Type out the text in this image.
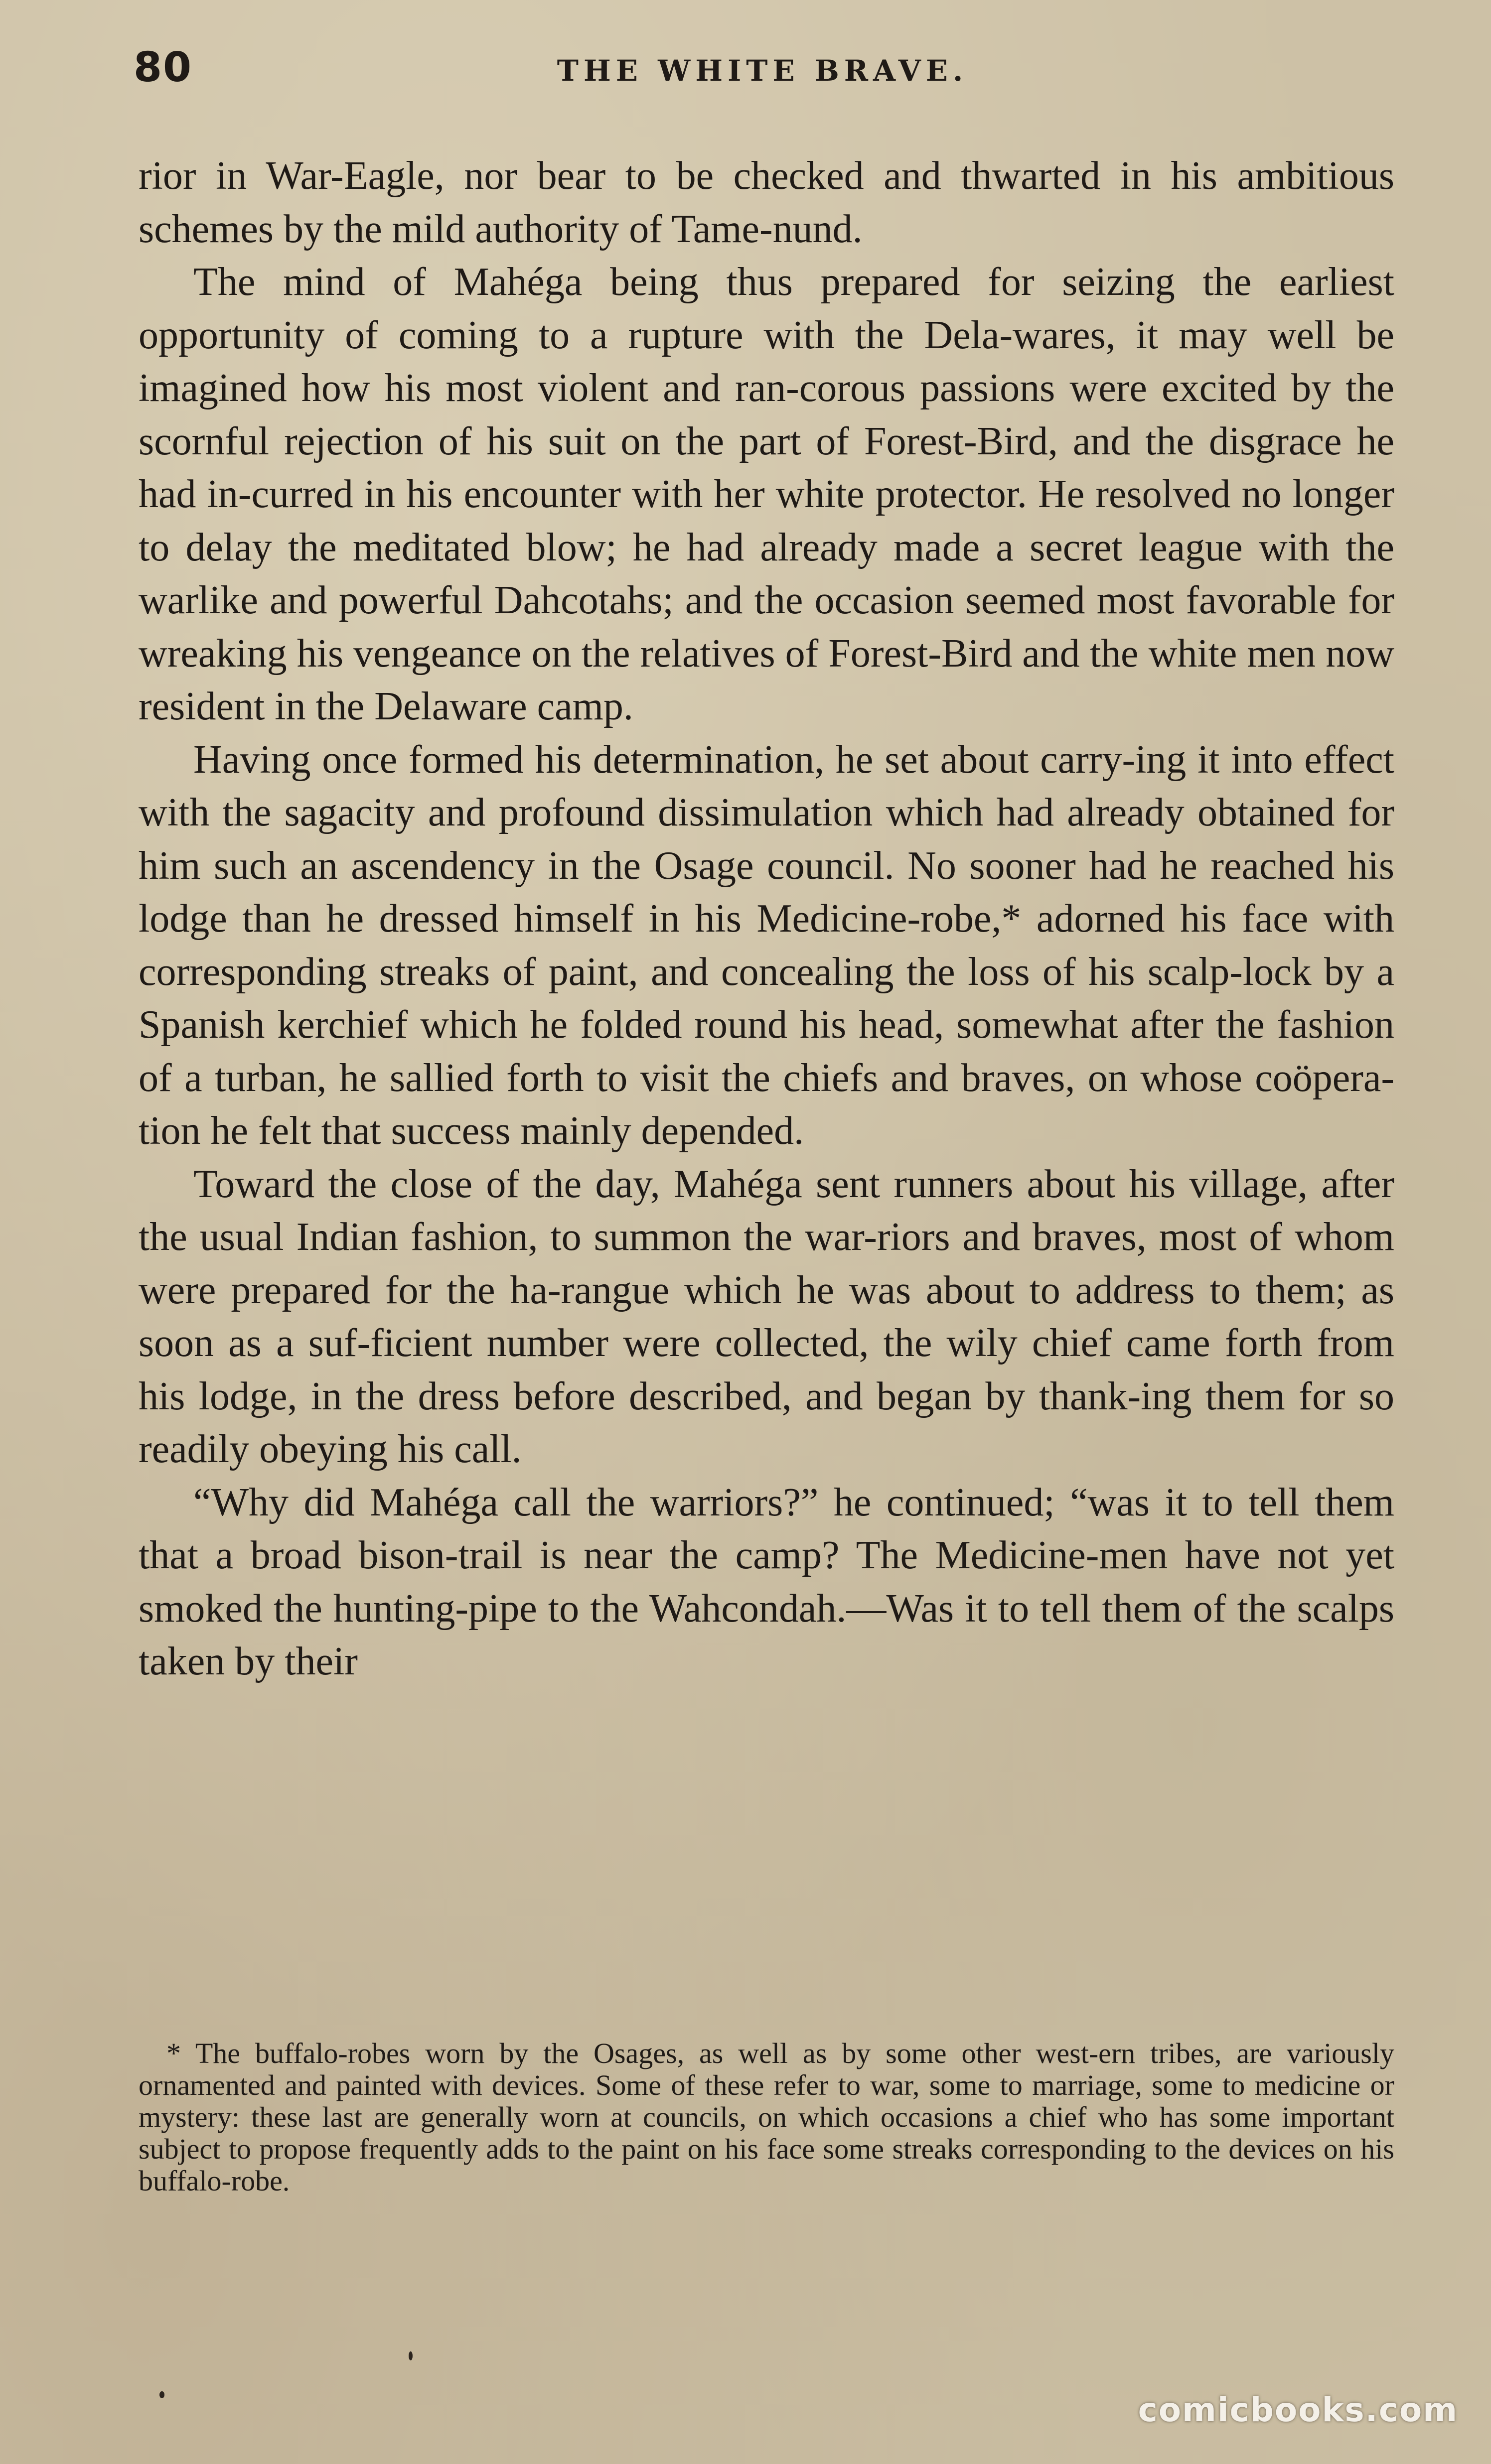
80	THE WHITE BRAVE.

rior in War-Eagle, nor bear to be checked and thwarted in his ambitious schemes by the mild authority of Tame-nund.

The mind of Mahéga being thus prepared for seizing the earliest opportunity of coming to a rupture with the Dela-wares, it may well be imagined how his most violent and ran-corous passions were excited by the scornful rejection of his suit on the part of Forest-Bird, and the disgrace he had in-curred in his encounter with her white protector. He resolved no longer to delay the meditated blow; he had already made a secret league with the warlike and powerful Dahcotahs; and the occasion seemed most favorable for wreaking his vengeance on the relatives of Forest-Bird and the white men now resident in the Delaware camp.

Having once formed his determination, he set about carry-ing it into effect with the sagacity and profound dissimulation which had already obtained for him such an ascendency in the Osage council. No sooner had he reached his lodge than he dressed himself in his Medicine-robe,* adorned his face with corresponding streaks of paint, and concealing the loss of his scalp-lock by a Spanish kerchief which he folded round his head, somewhat after the fashion of a turban, he sallied forth to visit the chiefs and braves, on whose coöpera-tion he felt that success mainly depended.

Toward the close of the day, Mahéga sent runners about his village, after the usual Indian fashion, to summon the war-riors and braves, most of whom were prepared for the ha-rangue which he was about to address to them; as soon as a suf-ficient number were collected, the wily chief came forth from his lodge, in the dress before described, and began by thank-ing them for so readily obeying his call.

“Why did Mahéga call the warriors?” he continued; “was it to tell them that a broad bison-trail is near the camp? The Medicine-men have not yet smoked the hunting-pipe to the Wahcondah.—Was it to tell them of the scalps taken by their

* The buffalo-robes worn by the Osages, as well as by some other west-ern tribes, are variously ornamented and painted with devices. Some of these refer to war, some to marriage, some to medicine or mystery: these last are generally worn at councils, on which occasions a chief who has some important subject to propose frequently adds to the paint on his face some streaks corresponding to the devices on his buffalo-robe.

comicbooks.com
